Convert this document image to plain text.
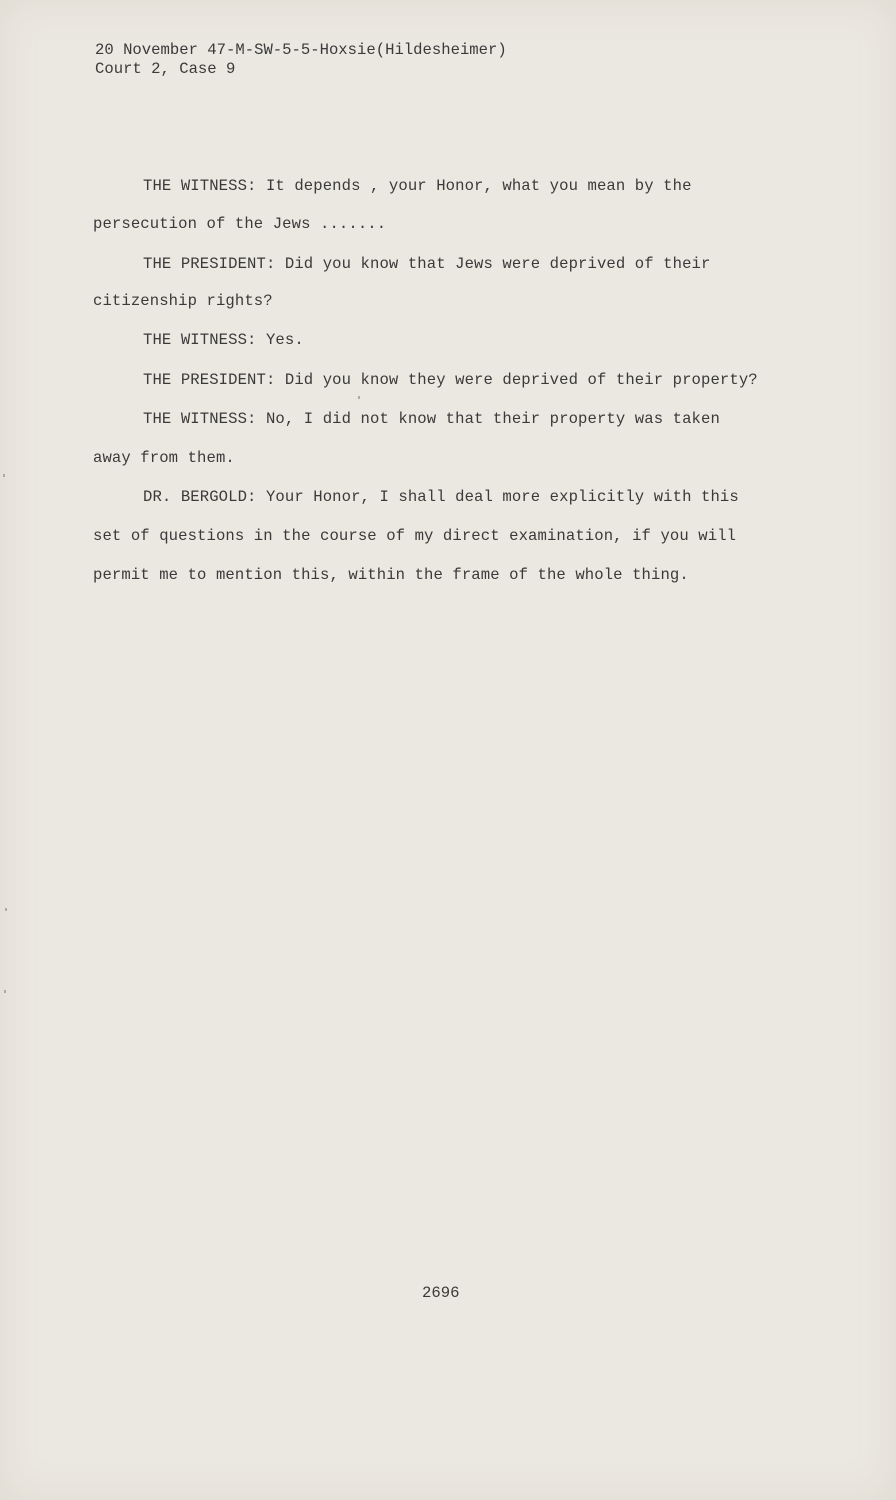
20 November 47-M-SW-5-5-Hoxsie(Hildesheimer)
Court 2, Case 9
THE WITNESS: It depends , your Honor, what you mean by the
persecution of the Jews .......
THE PRESIDENT: Did you know that Jews were deprived of their
citizenship rights?
THE WITNESS: Yes.
THE PRESIDENT: Did you know they were deprived of their property?
THE WITNESS: No, I did not know that their property was taken
away from them.
DR. BERGOLD: Your Honor, I shall deal more explicitly with this
set of questions in the course of my direct examination, if you will
permit me to mention this, within the frame of the whole thing.
2696
